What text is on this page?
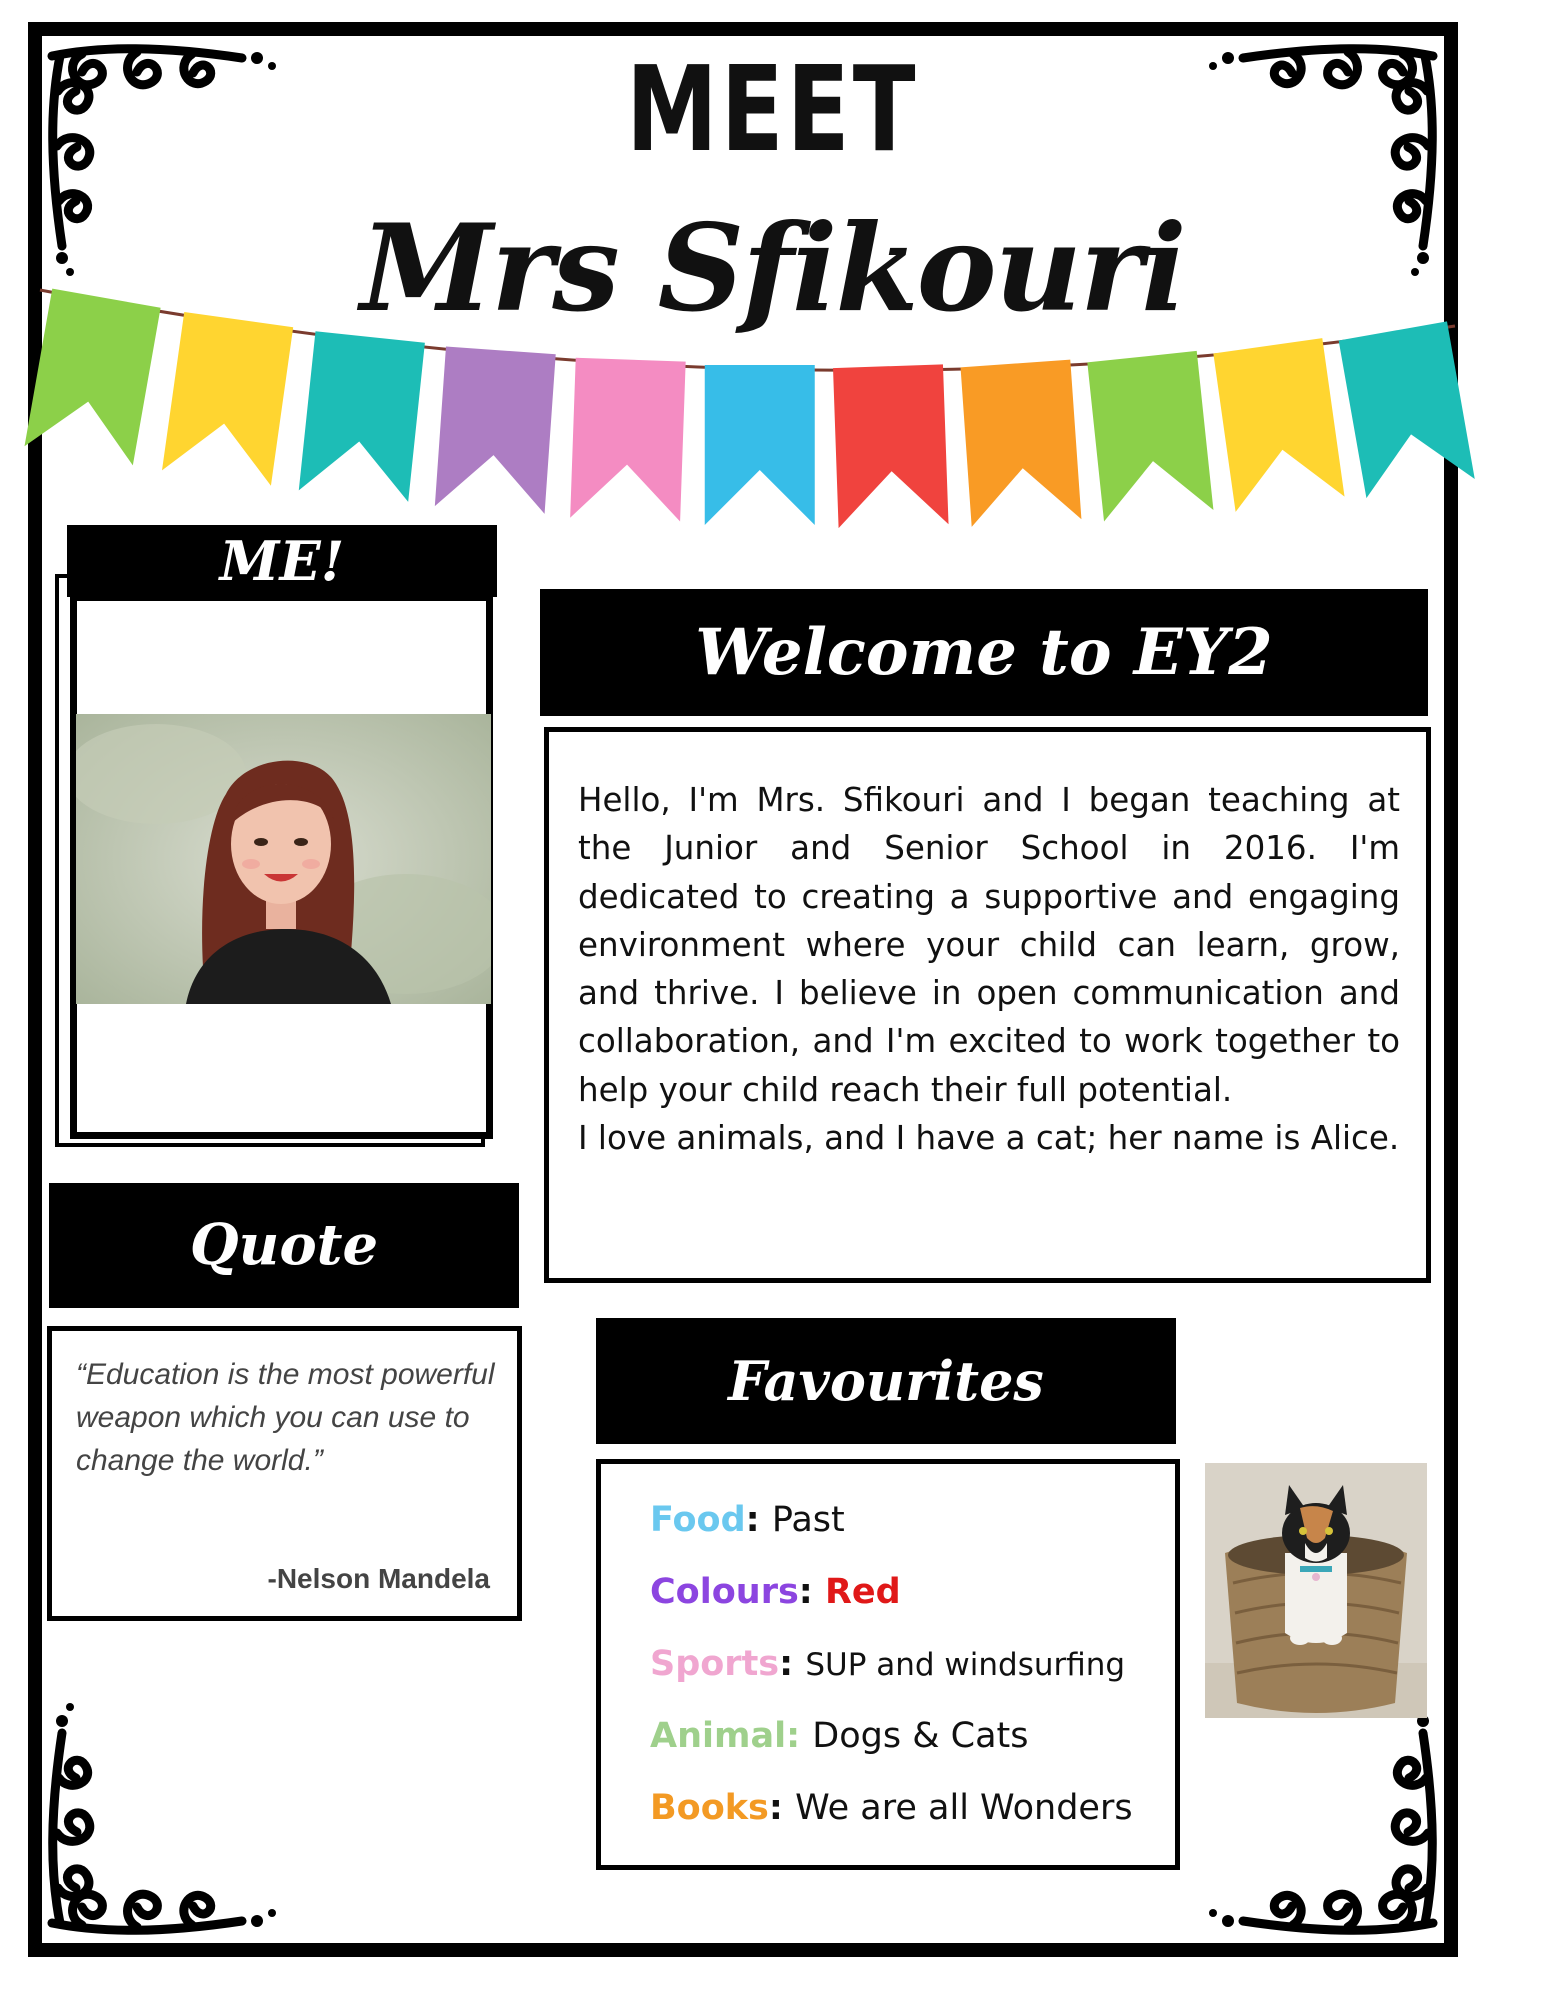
MEET
Mrs Sfikouri
ME!
Welcome to EY2

Hello, I'm Mrs. Sfikouri and I began teaching at the Junior and Senior School in 2016. I'm dedicated to creating a supportive and engaging environment where your child can learn, grow, and thrive. I believe in open communication and collaboration, and I'm excited to work together to help your child reach their full potential.

I love animals, and I have a cat; her name is Alice.

Quote

“Education is the most powerful weapon which you can use to change the world.”

-Nelson Mandela
Favourites
Food: Past
Colours: Red
Sports: SUP and windsurfing
Animal: Dogs & Cats
Books: We are all Wonders
